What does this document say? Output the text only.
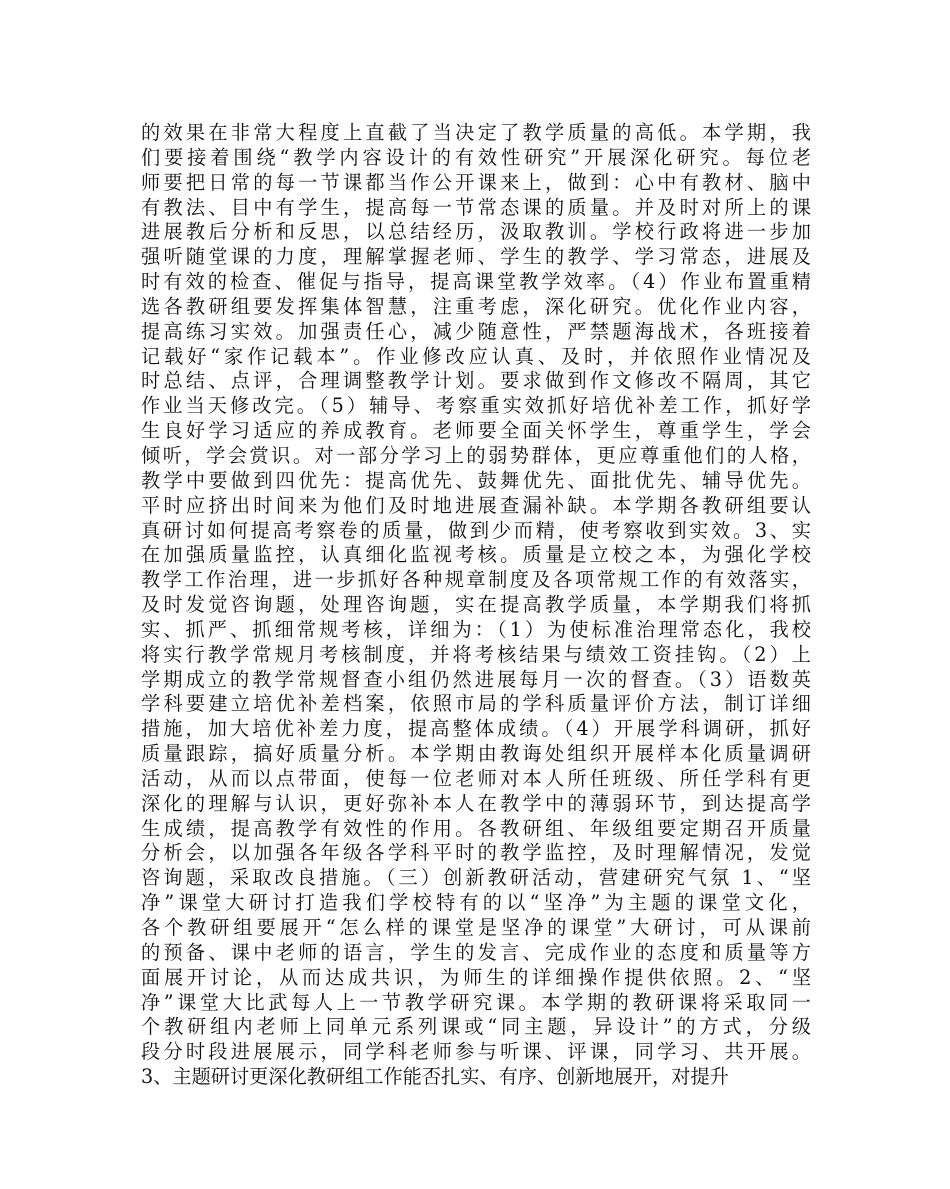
的效果在非常大程度上直截了当决定了教学质量的高低。本学期，我
们要接着围绕“教学内容设计的有效性研究”开展深化研究。每位老
师要把日常的每一节课都当作公开课来上，做到：心中有教材、脑中
有教法、目中有学生，提高每一节常态课的质量。并及时对所上的课
进展教后分析和反思，以总结经历，汲取教训。学校行政将进一步加
强听随堂课的力度，理解掌握老师、学生的教学、学习常态，进展及
时有效的检查、催促与指导，提高课堂教学效率。（4）作业布置重精
选各教研组要发挥集体智慧，注重考虑，深化研究。优化作业内容，
提高练习实效。加强责任心，减少随意性，严禁题海战术，各班接着
记载好“家作记载本”。作业修改应认真、及时，并依照作业情况及
时总结、点评，合理调整教学计划。要求做到作文修改不隔周，其它
作业当天修改完。（5）辅导、考察重实效抓好培优补差工作，抓好学
生良好学习适应的养成教育。老师要全面关怀学生，尊重学生，学会
倾听，学会赏识。对一部分学习上的弱势群体，更应尊重他们的人格，
教学中要做到四优先：提高优先、鼓舞优先、面批优先、辅导优先。
平时应挤出时间来为他们及时地进展查漏补缺。本学期各教研组要认
真研讨如何提高考察卷的质量，做到少而精，使考察收到实效。3、实
在加强质量监控，认真细化监视考核。质量是立校之本，为强化学校
教学工作治理，进一步抓好各种规章制度及各项常规工作的有效落实，
及时发觉咨询题，处理咨询题，实在提高教学质量，本学期我们将抓
实、抓严、抓细常规考核，详细为：（1）为使标准治理常态化，我校
将实行教学常规月考核制度，并将考核结果与绩效工资挂钩。（2）上
学期成立的教学常规督查小组仍然进展每月一次的督查。（3）语数英
学科要建立培优补差档案，依照市局的学科质量评价方法，制订详细
措施，加大培优补差力度，提高整体成绩。（4）开展学科调研，抓好
质量跟踪，搞好质量分析。本学期由教诲处组织开展样本化质量调研
活动，从而以点带面，使每一位老师对本人所任班级、所任学科有更
深化的理解与认识，更好弥补本人在教学中的薄弱环节，到达提高学
生成绩，提高教学有效性的作用。各教研组、年级组要定期召开质量
分析会，以加强各年级各学科平时的教学监控，及时理解情况，发觉
咨询题，采取改良措施。（三）创新教研活动，营建研究气氛 1、“坚
净”课堂大研讨打造我们学校特有的以“坚净”为主题的课堂文化，
各个教研组要展开“怎么样的课堂是坚净的课堂”大研讨，可从课前
的预备、课中老师的语言，学生的发言、完成作业的态度和质量等方
面展开讨论，从而达成共识，为师生的详细操作提供依照。2、“坚
净”课堂大比武每人上一节教学研究课。本学期的教研课将采取同一
个教研组内老师上同单元系列课或“同主题，异设计”的方式，分级
段分时段进展展示，同学科老师参与听课、评课，同学习、共开展。
3、主题研讨更深化教研组工作能否扎实、有序、创新地展开，对提升
